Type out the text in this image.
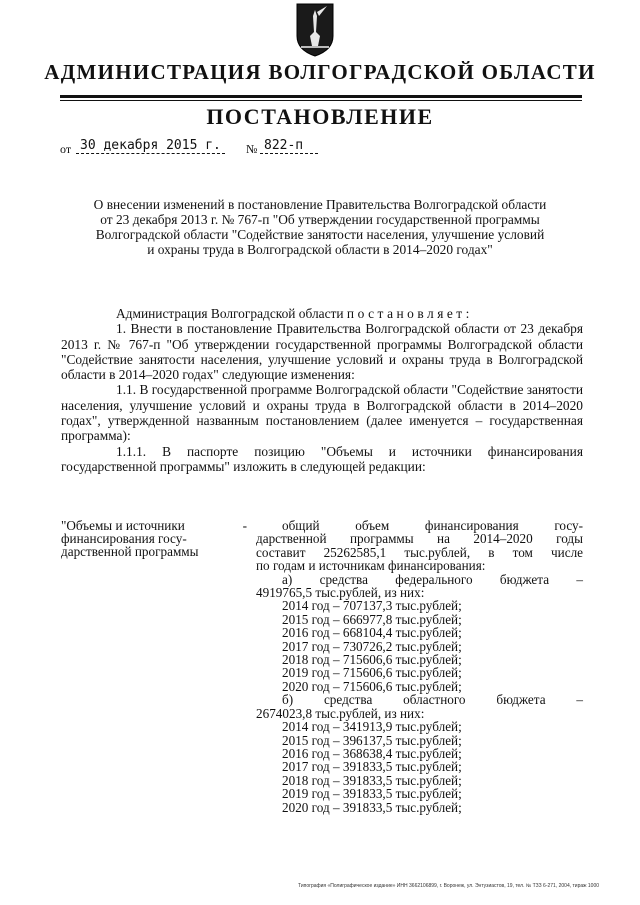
АДМИНИСТРАЦИЯ ВОЛГОГРАДСКОЙ ОБЛАСТИ
ПОСТАНОВЛЕНИЕ
от 30 декабря 2015 г.	№ 822-п
О внесении изменений в постановление Правительства Волгоградской области
от 23 декабря 2013 г. № 767-п "Об утверждении государственной программы
Волгоградской области "Содействие занятости населения, улучшение условий
и охраны труда в Волгоградской области в 2014–2020 годах"

Администрация Волгоградской области постановляет:

1. Внести в постановление Правительства Волгоградской области от 23 декабря 2013 г. № 767-п "Об утверждении государственной программы Волгоградской области "Содействие занятости населения, улучшение условий и охраны труда в Волгоградской области в 2014–2020 годах" следующие изменения:

1.1. В государственной программе Волгоградской области "Содействие занятости населения, улучшение условий и охраны труда в Волгоградской области в 2014–2020 годах", утвержденной названным постановлением (далее именуется – государственная программа):

1.1.1. В паспорте позицию "Объемы и источники финансирования государственной программы" изложить в следующей редакции:

"Объемы и источники	-
финансирования госу-
дарственной программы
общий объем финансирования госу-
дарственной программы на 2014–2020 годы
составит 25262585,1 тыс.рублей, в том числе
по годам и источникам финансирования:
а) средства федерального бюджета –
4919765,5 тыс.рублей, из них:
2014 год – 707137,3 тыс.рублей;
2015 год – 666977,8 тыс.рублей;
2016 год – 668104,4 тыс.рублей;
2017 год – 730726,2 тыс.рублей;
2018 год – 715606,6 тыс.рублей;
2019 год – 715606,6 тыс.рублей;
2020 год – 715606,6 тыс.рублей;
б) средства областного бюджета –
2674023,8 тыс.рублей, из них:
2014 год – 341913,9 тыс.рублей;
2015 год – 396137,5 тыс.рублей;
2016 год – 368638,4 тыс.рублей;
2017 год – 391833,5 тыс.рублей;
2018 год – 391833,5 тыс.рублей;
2019 год – 391833,5 тыс.рублей;
2020 год – 391833,5 тыс.рублей;
Типография «Полиграфическое издание» ИНН 3662106899, г. Воронеж, ул. Энтузиастов, 19, тел. № ТЗЗ 6-271, 2004, тираж 1000
